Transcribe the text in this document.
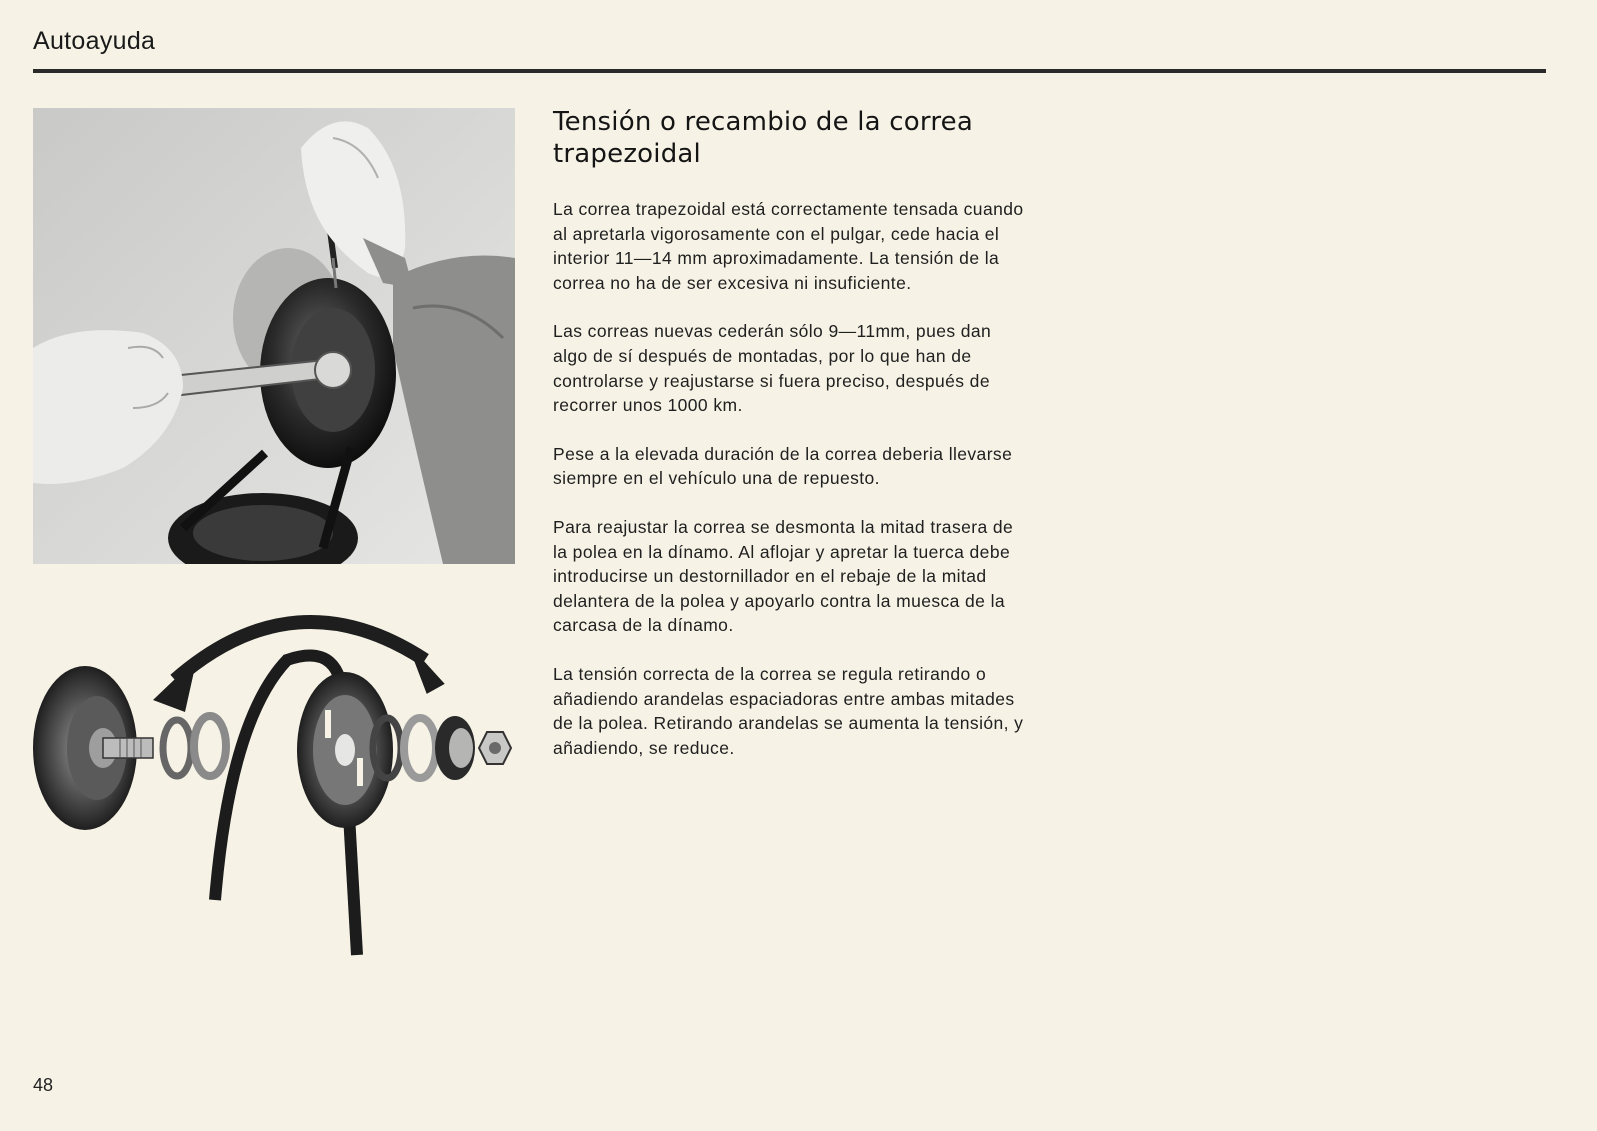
Autoayuda
Tensión o recambio de la correa trapezoidal

La correa trapezoidal está correctamente tensada cuando al apretarla vigorosamente con el pulgar, cede hacia el interior 11—14 mm aproximadamente. La tensión de la correa no ha de ser excesiva ni insuficiente.

Las correas nuevas cederán sólo 9—11mm, pues dan algo de sí después de montadas, por lo que han de controlarse y reajustarse si fuera preciso, después de recorrer unos 1000 km.

Pese a la elevada duración de la correa deberia llevarse siempre en el vehículo una de repuesto.

Para reajustar la correa se desmonta la mitad trasera de la polea en la dínamo. Al aflojar y apretar la tuerca debe introducirse un destornillador en el rebaje de la mitad delantera de la polea y apoyarlo contra la muesca de la carcasa de la dínamo.

La tensión correcta de la correa se regula retirando o añadiendo arandelas espaciadoras entre ambas mitades de la polea. Retirando arandelas se aumenta la tensión, y añadiendo, se reduce.

48
